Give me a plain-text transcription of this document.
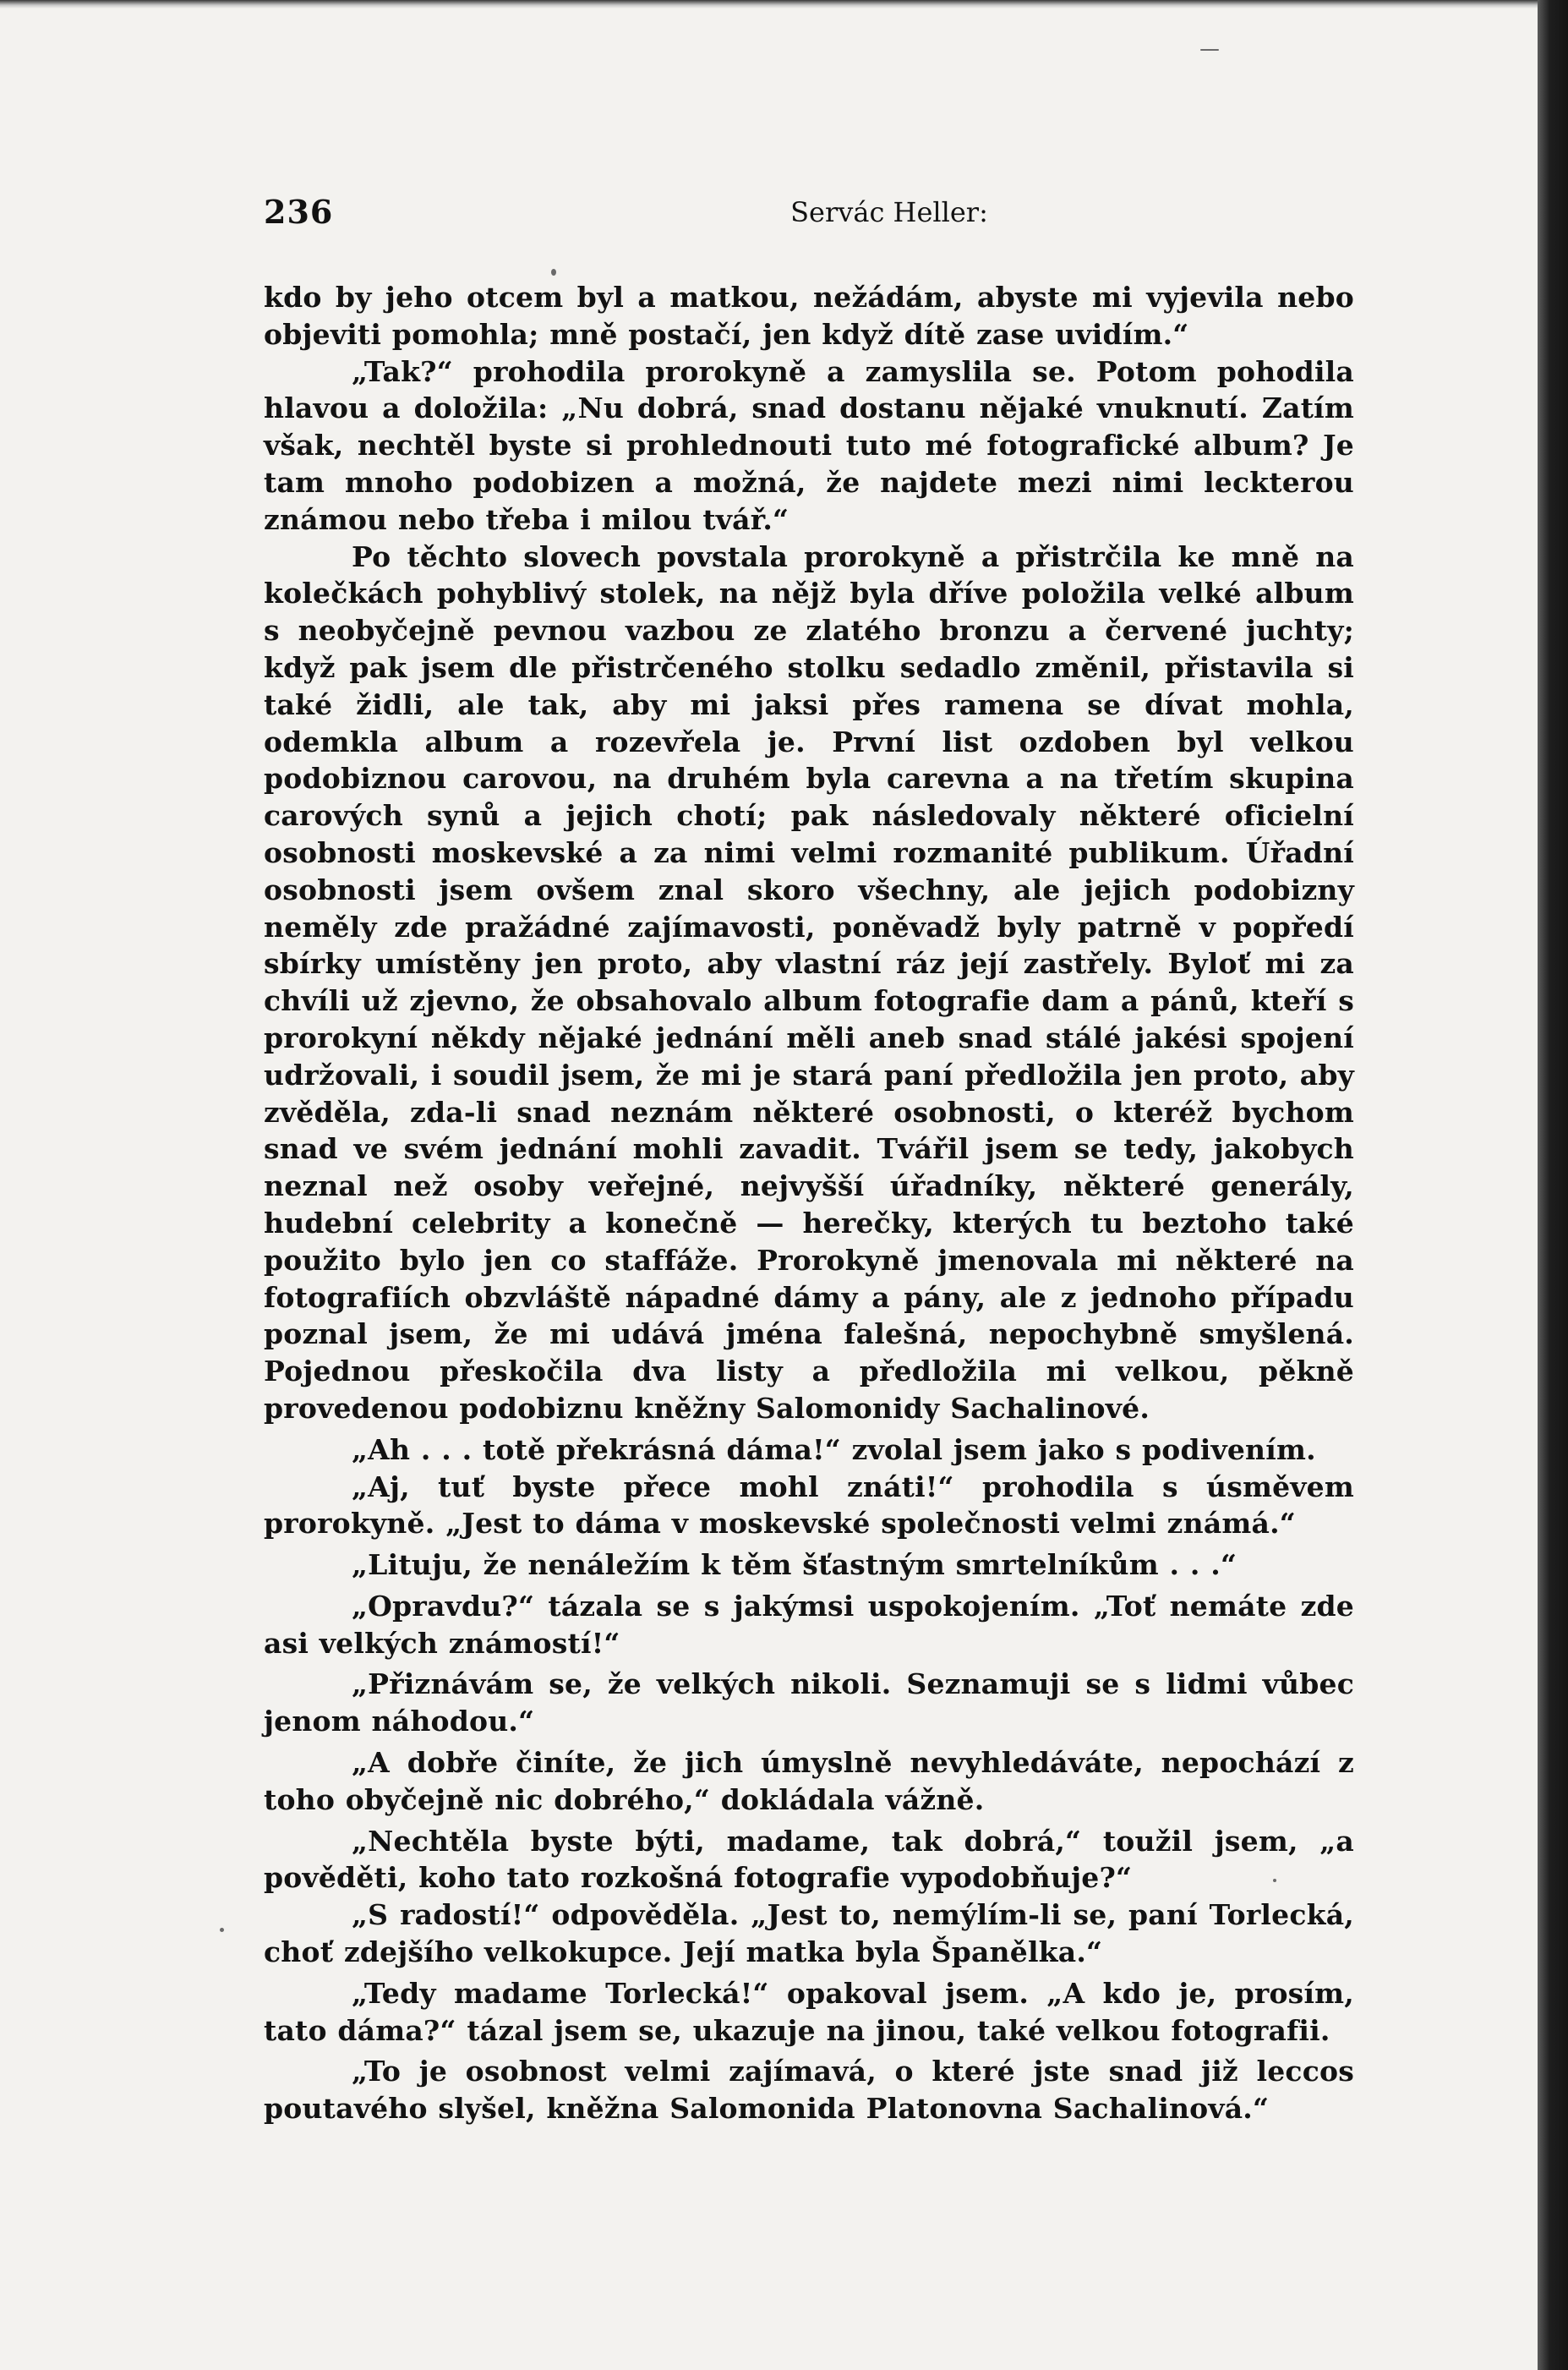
236	Servác Heller:

kdo by jeho otcem byl a matkou, nežádám, abyste mi vyjevila nebo objeviti pomohla; mně postačí, jen když dítě zase uvidím.“

„Tak?“ prohodila prorokyně a zamyslila se. Potom pohodila hlavou a doložila: „Nu dobrá, snad dostanu nějaké vnuknutí. Zatím však, nechtěl byste si prohlednouti tuto mé fotografické album? Je tam mnoho podobizen a možná, že najdete mezi nimi leckterou známou nebo třeba i milou tvář.“

Po těchto slovech povstala prorokyně a přistrčila ke mně na kolečkách pohyblivý stolek, na nějž byla dříve položila velké album s neobyčejně pevnou vazbou ze zlatého bronzu a červené juchty; když pak jsem dle přistrčeného stolku sedadlo změnil, přistavila si také židli, ale tak, aby mi jaksi přes ramena se dívat mohla, odemkla album a rozevřela je. První list ozdoben byl velkou podobiznou carovou, na druhém byla carevna a na třetím skupina carových synů a jejich chotí; pak následovaly některé oficielní osobnosti moskevské a za nimi velmi rozmanité publikum. Úřadní osobnosti jsem ovšem znal skoro všechny, ale jejich podobizny neměly zde pražádné zajímavosti, poněvadž byly patrně v popředí sbírky umístěny jen proto, aby vlastní ráz její zastřely. Byloť mi za chvíli už zjevno, že obsahovalo album fotografie dam a pánů, kteří s prorokyní někdy nějaké jednání měli aneb snad stálé jakési spojení udržovali, i soudil jsem, že mi je stará paní předložila jen proto, aby zvěděla, zda-li snad neznám některé osobnosti, o kteréž bychom snad ve svém jednání mohli zavadit. Tvářil jsem se tedy, jakobych neznal než osoby veřejné, nejvyšší úřadníky, některé generály, hudební celebrity a konečně — herečky, kterých tu beztoho také použito bylo jen co staffáže. Prorokyně jmenovala mi některé na fotografiích obzvláště nápadné dámy a pány, ale z jednoho případu poznal jsem, že mi udává jména falešná, nepochybně smyšlená. Pojednou přeskočila dva listy a předložila mi velkou, pěkně provedenou podobiznu kněžny Salomonidy Sachalinové.

„Ah . . . totě překrásná dáma!“ zvolal jsem jako s podivením.

„Aj, tuť byste přece mohl znáti!“ prohodila s úsměvem prorokyně. „Jest to dáma v moskevské společnosti velmi známá.“

„Lituju, že nenáležím k těm šťastným smrtelníkům . . .“

„Opravdu?“ tázala se s jakýmsi uspokojením. „Toť nemáte zde asi velkých známostí!“

„Přiznávám se, že velkých nikoli. Seznamuji se s lidmi vůbec jenom náhodou.“

„A dobře činíte, že jich úmyslně nevyhledáváte, nepochází z toho obyčejně nic dobrého,“ dokládala vážně.

„Nechtěla byste býti, madame, tak dobrá,“ toužil jsem, „a pověděti, koho tato rozkošná fotografie vypodobňuje?“

„S radostí!“ odpověděla. „Jest to, nemýlím-li se, paní Torlecká, choť zdejšího velkokupce. Její matka byla Španělka.“

„Tedy madame Torlecká!“ opakoval jsem. „A kdo je, prosím, tato dáma?“ tázal jsem se, ukazuje na jinou, také velkou fotografii.

„To je osobnost velmi zajímavá, o které jste snad již leccos poutavého slyšel, kněžna Salomonida Platonovna Sachalinová.“
